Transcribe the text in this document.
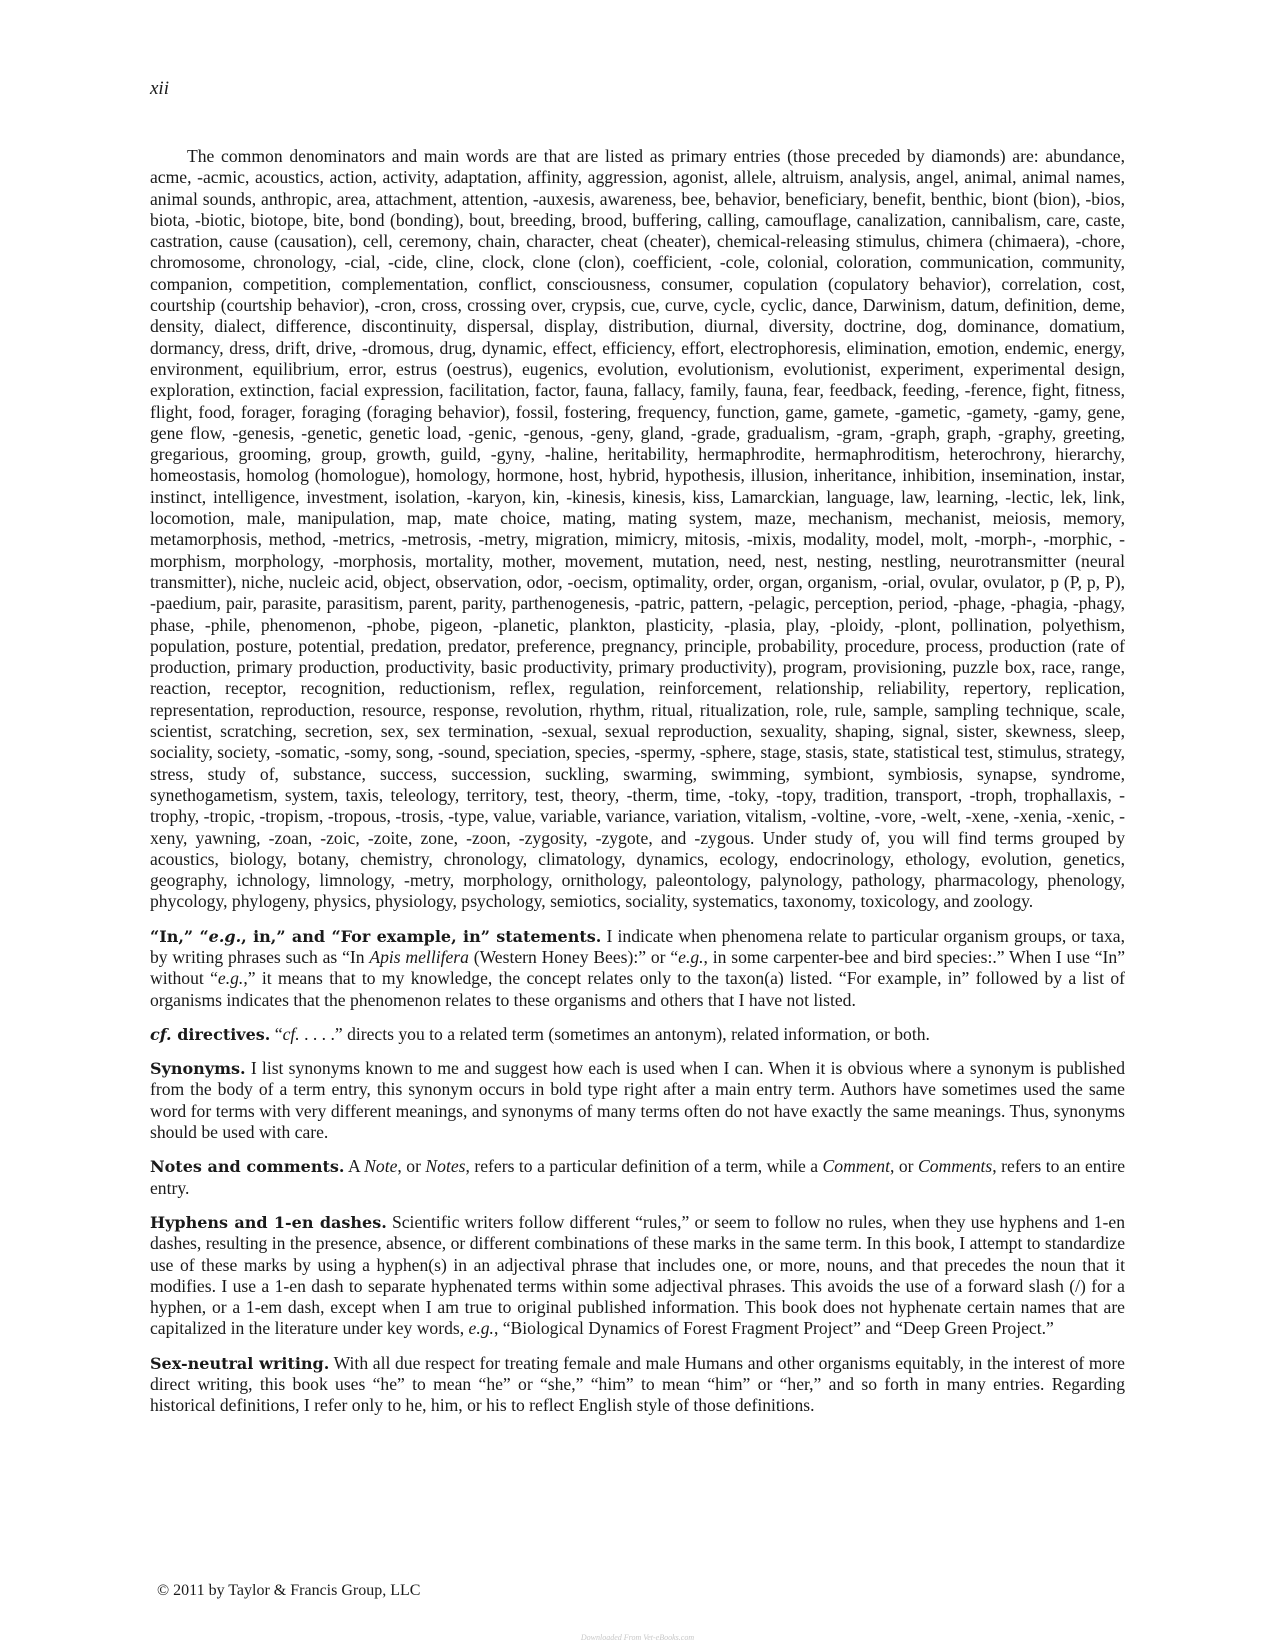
xii

The common denominators and main words are that are listed as primary entries (those preceded by diamonds) are: abundance, acme, -acmic, acoustics, action, activity, adaptation, affinity, aggression, agonist, allele, altruism, analysis, angel, animal, animal names, animal sounds, anthropic, area, attachment, attention, -auxesis, awareness, bee, behavior, beneficiary, benefit, benthic, biont (bion), -bios, biota, -biotic, biotope, bite, bond (bonding), bout, breeding, brood, buffering, calling, camouflage, canalization, cannibalism, care, caste, castration, cause (causation), cell, ceremony, chain, character, cheat (cheater), chemical-releasing stimulus, chimera (chimaera), -chore, chromosome, chronology, -cial, -cide, cline, clock, clone (clon), coefficient, -cole, colonial, coloration, communication, community, companion, competition, complementation, conflict, consciousness, consumer, copulation (copulatory behavior), correlation, cost, courtship (courtship behavior), -cron, cross, crossing over, crypsis, cue, curve, cycle, cyclic, dance, Darwinism, datum, definition, deme, density, dialect, difference, discontinuity, dispersal, display, distribution, diurnal, diversity, doctrine, dog, dominance, domatium, dormancy, dress, drift, drive, -dromous, drug, dynamic, effect, efficiency, effort, electrophoresis, elimination, emotion, endemic, energy, environment, equilibrium, error, estrus (oestrus), eugenics, evolution, evolutionism, evolutionist, experiment, experimental design, exploration, extinction, facial expression, facilitation, factor, fauna, fallacy, family, fauna, fear, feedback, feeding, -ference, fight, fitness, flight, food, forager, foraging (foraging behavior), fossil, fostering, frequency, function, game, gamete, -gametic, -gamety, -gamy, gene, gene flow, -genesis, -genetic, genetic load, -genic, -genous, -geny, gland, -grade, gradualism, -gram, -graph, graph, -graphy, greeting, gregarious, grooming, group, growth, guild, -gyny, -haline, heritability, hermaphrodite, hermaphroditism, heterochrony, hierarchy, homeostasis, homolog (homologue), homology, hormone, host, hybrid, hypothesis, illusion, inheritance, inhibition, insemination, instar, instinct, intelligence, investment, isolation, -karyon, kin, -kinesis, kinesis, kiss, Lamarckian, language, law, learning, -lectic, lek, link, locomotion, male, manipulation, map, mate choice, mating, mating system, maze, mechanism, mechanist, meiosis, memory, metamorphosis, method, -metrics, -metrosis, -metry, migration, mimicry, mitosis, -mixis, modality, model, molt, -morph-, -morphic, -morphism, morphology, -morphosis, mortality, mother, movement, mutation, need, nest, nesting, nestling, neurotransmitter (neural transmitter), niche, nucleic acid, object, observation, odor, -oecism, optimality, order, organ, organism, -orial, ovular, ovulator, p (P, p, P), -paedium, pair, parasite, parasitism, parent, parity, parthenogenesis, -patric, pattern, -pelagic, perception, period, -phage, -phagia, -phagy, phase, -phile, phenomenon, -phobe, pigeon, -planetic, plankton, plasticity, -plasia, play, -ploidy, -plont, pollination, polyethism, population, posture, potential, predation, predator, preference, pregnancy, principle, probability, procedure, process, production (rate of production, primary production, productivity, basic productivity, primary productivity), program, provisioning, puzzle box, race, range, reaction, receptor, recognition, reductionism, reflex, regulation, reinforcement, relationship, reliability, repertory, replication, representation, reproduction, resource, response, revolution, rhythm, ritual, ritualization, role, rule, sample, sampling technique, scale, scientist, scratching, secretion, sex, sex termination, -sexual, sexual reproduction, sexuality, shaping, signal, sister, skewness, sleep, sociality, society, -somatic, -somy, song, -sound, speciation, species, -spermy, -sphere, stage, stasis, state, statistical test, stimulus, strategy, stress, study of, substance, success, succession, suckling, swarming, swimming, symbiont, symbiosis, synapse, syndrome, synethogametism, system, taxis, teleology, territory, test, theory, -therm, time, -toky, -topy, tradition, transport, -troph, trophallaxis, -trophy, -tropic, -tropism, -tropous, -trosis, -type, value, variable, variance, variation, vitalism, -voltine, -vore, -welt, -xene, -xenia, -xenic, -xeny, yawning, -zoan, -zoic, -zoite, zone, -zoon, -zygosity, -zygote, and -zygous. Under study of, you will find terms grouped by acoustics, biology, botany, chemistry, chronology, climatology, dynamics, ecology, endocrinology, ethology, evolution, genetics, geography, ichnology, limnology, -metry, morphology, ornithology, paleontology, palynology, pathology, pharmacology, phenology, phycology, phylogeny, physics, physiology, psychology, semiotics, sociality, systematics, taxonomy, toxicology, and zoology.

“In,” “e.g., in,” and “For example, in” statements. I indicate when phenomena relate to particular organism groups, or taxa, by writing phrases such as “In Apis mellifera (Western Honey Bees):” or “e.g., in some carpenter-bee and bird species:.” When I use “In” without “e.g.,” it means that to my knowledge, the concept relates only to the taxon(a) listed. “For example, in” followed by a list of organisms indicates that the phenomenon relates to these organisms and others that I have not listed.

cf. directives. “cf. . . . .” directs you to a related term (sometimes an antonym), related information, or both.

Synonyms. I list synonyms known to me and suggest how each is used when I can. When it is obvious where a synonym is published from the body of a term entry, this synonym occurs in bold type right after a main entry term. Authors have sometimes used the same word for terms with very different meanings, and synonyms of many terms often do not have exactly the same meanings. Thus, synonyms should be used with care.

Notes and comments. A Note, or Notes, refers to a particular definition of a term, while a Comment, or Comments, refers to an entire entry.

Hyphens and 1-en dashes. Scientific writers follow different “rules,” or seem to follow no rules, when they use hyphens and 1-en dashes, resulting in the presence, absence, or different combinations of these marks in the same term. In this book, I attempt to standardize use of these marks by using a hyphen(s) in an adjectival phrase that includes one, or more, nouns, and that precedes the noun that it modifies. I use a 1-en dash to separate hyphenated terms within some adjectival phrases. This avoids the use of a forward slash (/) for a hyphen, or a 1-em dash, except when I am true to original published information. This book does not hyphenate certain names that are capitalized in the literature under key words, e.g., “Biological Dynamics of Forest Fragment Project” and “Deep Green Project.”

Sex-neutral writing. With all due respect for treating female and male Humans and other organisms equitably, in the interest of more direct writing, this book uses “he” to mean “he” or “she,” “him” to mean “him” or “her,” and so forth in many entries. Regarding historical definitions, I refer only to he, him, or his to reflect English style of those definitions.

© 2011 by Taylor & Francis Group, LLC
Downloaded From Vet-eBooks.com
